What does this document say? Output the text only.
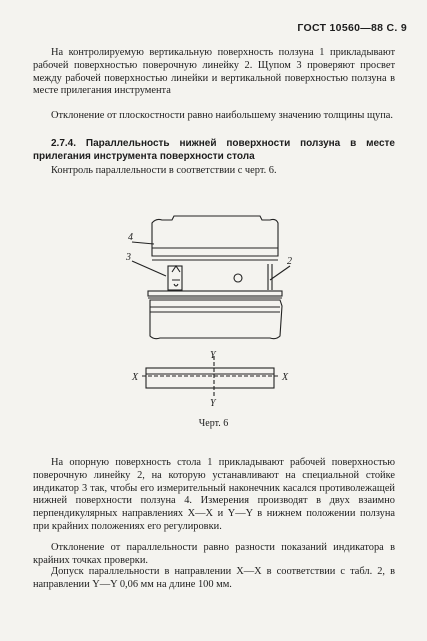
ГОСТ 10560—88 С. 9

На контролируемую вертикальную поверхность ползуна 1 прикладывают рабочей поверхностью поверочную линейку 2. Щупом 3 проверяют просвет между рабочей поверхностью линейки и вертикальной поверхностью ползуна в месте прилегания инструмента

Отклонение от плоскостности равно наибольшему значению толщины щупа.

2.7.4. Параллельность нижней поверхности ползуна в месте прилегания инструмента поверхности стола

Контроль параллельности в соответствии с черт. 6.

4
3	2
Y
Y
X	X
Черт. 6

На опорную поверхность стола 1 прикладывают рабочей поверхностью поверочную линейку 2, на которую устанавливают на специальной стойке индикатор 3 так, чтобы его измерительный наконечник касался противолежащей нижней поверхности ползуна 4. Измерения производят в двух взаимно перпендикулярных направлениях X—X и Y—Y в нижнем положении ползуна при крайних положениях его регулировки.

Отклонение от параллельности равно разности показаний индикатора в крайних точках проверки.

Допуск параллельности в направлении X—X в соответствии с табл. 2, в направлении Y—Y 0,06 мм на длине 100 мм.
